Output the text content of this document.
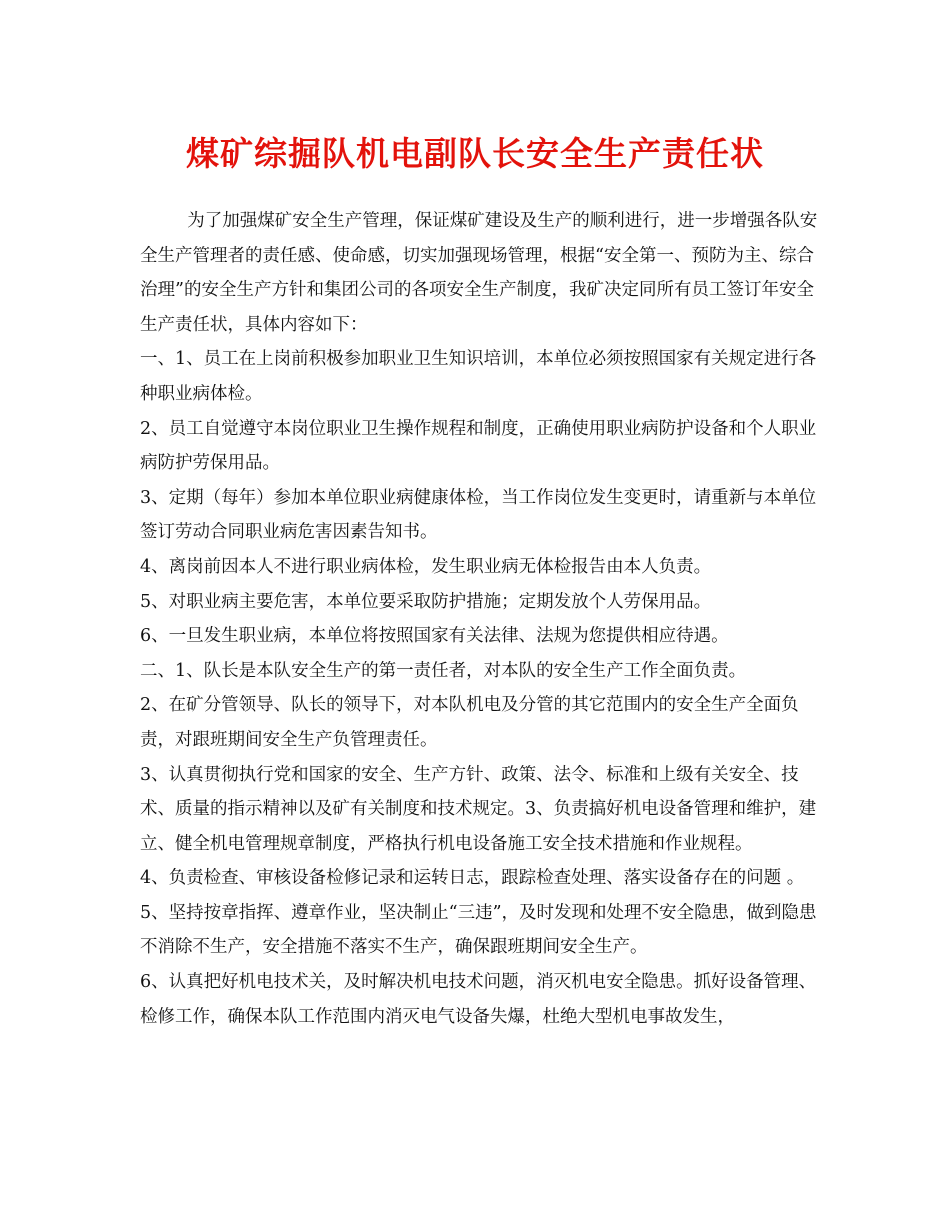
煤矿综掘队机电副队长安全生产责任状

为了加强煤矿安全生产管理，保证煤矿建设及生产的顺利进行，进一步增强各队安全生产管理者的责任感、使命感，切实加强现场管理，根据“安全第一、预防为主、综合治理”的安全生产方针和集团公司的各项安全生产制度，我矿决定同所有员工签订年安全生产责任状，具体内容如下：

一、1、员工在上岗前积极参加职业卫生知识培训，本单位必须按照国家有关规定进行各种职业病体检。

2、员工自觉遵守本岗位职业卫生操作规程和制度，正确使用职业病防护设备和个人职业病防护劳保用品。

3、定期（每年）参加本单位职业病健康体检，当工作岗位发生变更时，请重新与本单位签订劳动合同职业病危害因素告知书。

4、离岗前因本人不进行职业病体检，发生职业病无体检报告由本人负责。

5、对职业病主要危害，本单位要采取防护措施；定期发放个人劳保用品。

6、一旦发生职业病，本单位将按照国家有关法律、法规为您提供相应待遇。

二、1、队长是本队安全生产的第一责任者，对本队的安全生产工作全面负责。

2、在矿分管领导、队长的领导下，对本队机电及分管的其它范围内的安全生产全面负责，对跟班期间安全生产负管理责任。

3、认真贯彻执行党和国家的安全、生产方针、政策、法令、标准和上级有关安全、技术、质量的指示精神以及矿有关制度和技术规定。3、负责搞好机电设备管理和维护，建立、健全机电管理规章制度，严格执行机电设备施工安全技术措施和作业规程。

4、负责检查、审核设备检修记录和运转日志，跟踪检查处理、落实设备存在的问题 。

5、坚持按章指挥、遵章作业，坚决制止“三违”，及时发现和处理不安全隐患，做到隐患不消除不生产，安全措施不落实不生产，确保跟班期间安全生产。

6、认真把好机电技术关，及时解决机电技术问题，消灭机电安全隐患。抓好设备管理、检修工作，确保本队工作范围内消灭电气设备失爆，杜绝大型机电事故发生，
